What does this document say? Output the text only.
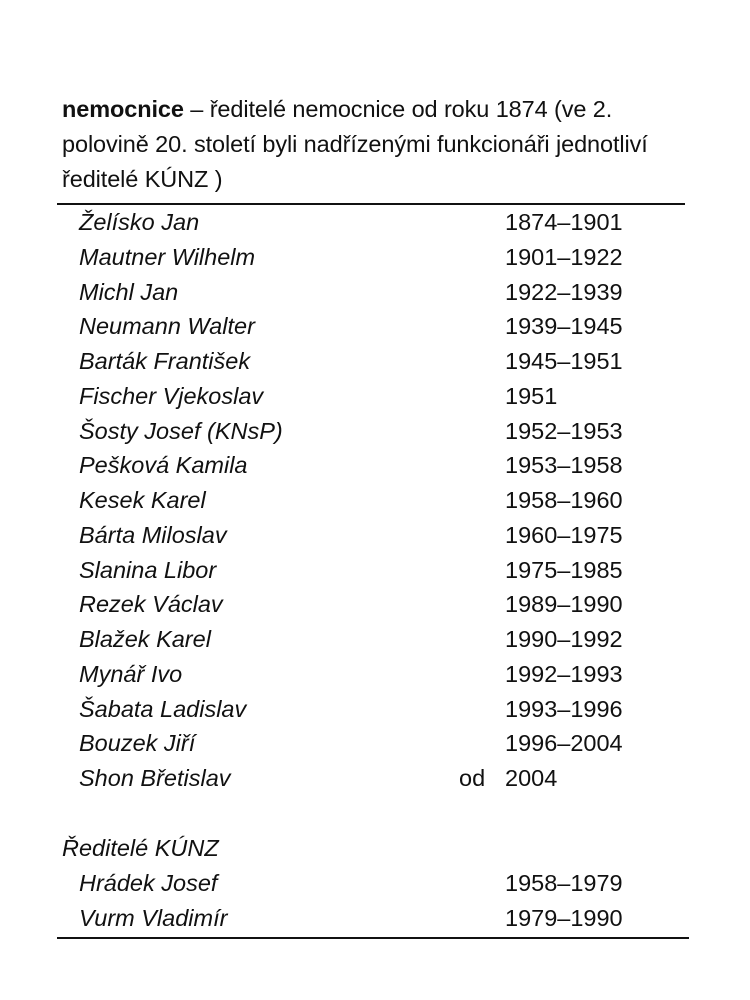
nemocnice – ředitelé nemocnice od roku 1874 (ve 2. polovině 20. století byli nadřízenými funkcionáři jednotliví ředitelé KÚNZ )

Želísko Jan	1874–1901
Mautner Wilhelm	1901–1922
Michl Jan	1922–1939
Neumann Walter	1939–1945
Barták František	1945–1951
Fischer Vjekoslav	1951
Šosty Josef (KNsP)	1952–1953
Pešková Kamila	1953–1958
Kesek Karel	1958–1960
Bárta Miloslav	1960–1975
Slanina Libor	1975–1985
Rezek Václav	1989–1990
Blažek Karel	1990–1992
Mynář Ivo	1992–1993
Šabata Ladislav	1993–1996
Bouzek Jiří	1996–2004
Shon Břetislav	od 2004
Ředitelé KÚNZ
Hrádek Josef	1958–1979
Vurm Vladimír	1979–1990
